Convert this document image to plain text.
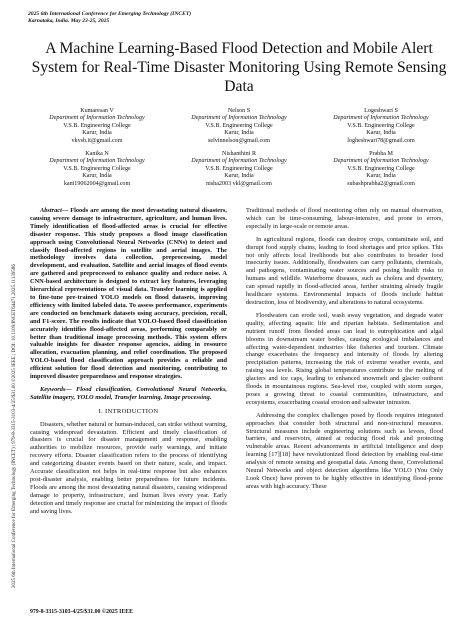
2025 6th International Conference for Emerging Technology (INCET)
Karnataka, India. May 23-25, 2025
2025 6th International Conference for Emerging Technology (INCET) | 979-8-3315-3103-4/25/$31.00 ©2025 IEEE | DOI: 10.1109/INCET64471.2025.11139586
A Machine Learning-Based Flood Detection and Mobile Alert System for Real-Time Disaster Monitoring Using Remote Sensing Data
Kumaresan V
Department of Information Technology
V.S.B. Engineering College
Karur, India
vkvsb.it@gmail.com
Nelson S
Department of Information Technology
V.S.B. Engineering College
Karur, India
selvinnelson@gmail.com
Logeshwari S
Department of Information Technology
V.S.B. Engineering College
Karur, India
logheshwari78@gmail.com
Kanika N
Department of Information Technology
V.S.B. Engineering College
Karur, India
kani19062004@gmail.com
Nishanthini R
Department of Information Technology
V.S.B. Engineering College
Karur, India
nisha2003 vkl@gmail.com
Prabha M
Department of Information Technology
V.S.B. Engineering College
Karur, India
subashprabha2@gmail.com

Abstract— Floods are among the most devastating natural disasters, causing severe damage to infrastructure, agriculture, and human lives. Timely identification of flood-affected areas is crucial for effective disaster response. This study proposes a flood image classification approach using Convolutional Neural Networks (CNNs) to detect and classify flood-affected regions in satellite and aerial images. The methodology involves data collection, preprocessing, model development, and evaluation. Satellite and aerial images of flood events are gathered and preprocessed to enhance quality and reduce noise. A CNN-based architecture is designed to extract key features, leveraging hierarchical representations of visual data. Transfer learning is applied to fine-tune pre-trained YOLO models on flood datasets, improving efficiency with limited labeled data. To assess performance, experiments are conducted on benchmark datasets using accuracy, precision, recall, and F1-score. The results indicate that YOLO-based flood classification accurately identifies flood-affected areas, performing comparably or better than traditional image processing methods. This system offers valuable insights for disaster response agencies, aiding in resource allocation, evacuation planning, and relief coordination. The proposed YOLO-based flood classification approach provides a reliable and efficient solution for flood detection and monitoring, contributing to improved disaster preparedness and response strategies.

Keywords— Flood classification, Convolutional Neural Networks, Satellite imagery, YOLO model, Transfer learning, Image processing.

I. INTRODUCTION

Disasters, whether natural or human-induced, can strike without warning, causing widespread devastation. Efficient and timely classification of disasters is crucial for disaster management and response, enabling authorities to mobilize resources, provide early warnings, and initiate recovery efforts. Disaster classification refers to the process of identifying and categorizing disaster events based on their nature, scale, and impact. Accurate classification not helps in real-time response but also enhances post-disaster analysis, enabling better preparedness for future incidents. Floods are among the most devastating natural disasters, causing widespread damage to property, infrastructure, and human lives every year. Early detection and timely response are crucial for minimizing the impact of floods and saving lives.

Traditional methods of flood monitoring often rely on manual observation, which can be time-consuming, labour-intensive, and prone to errors, especially in large-scale or remote areas.

In agricultural regions, floods can destroy crops, contaminate soil, and disrupt food supply chains, leading to food shortages and price spikes. This not only affects local livelihoods but also contributes to broader food insecurity issues. Additionally, floodwaters can carry pollutants, chemicals, and pathogens, contaminating water sources and posing health risks to humans and wildlife. Waterborne diseases, such as cholera and dysentery, can spread rapidly in flood-affected areas, further straining already fragile healthcare systems. Environmental impacts of floods include habitat destruction, loss of biodiversity, and alterations to natural ecosystems.

Floodwaters can erode soil, wash away vegetation, and degrade water quality, affecting aquatic life and riparian habitats. Sedimentation and nutrient runoff from flooded areas can lead to eutrophication and algal blooms in downstream water bodies, causing ecological imbalances and affecting water-dependent industries like fisheries and tourism. Climate change exacerbates the frequency and intensity of floods by altering precipitation patterns, increasing the risk of extreme weather events, and raising sea levels. Rising global temperatures contribute to the melting of glaciers and ice caps, leading to enhanced snowmelt and glacier outburst floods in mountainous regions. Sea-level rise, coupled with storm surges, poses a growing threat to coastal communities, infrastructure, and ecosystems, exacerbating coastal erosion and saltwater intrusion.

Addressing the complex challenges posed by floods requires integrated approaches that consider both structural and non-structural measures. Structural measures include engineering solutions such as levees, flood barriers, and reservoirs, aimed at reducing flood risk and protecting vulnerable areas. Recent advancements in artificial intelligence and deep learning [17][18] have revolutionized flood detection by enabling real-time analysis of remote sensing and geospatial data. Among these, Convolutional Neural Networks and object detection algorithms like YOLO (You Only Look Once) have proven to be highly effective in identifying flood-prone areas with high accuracy. These

979-8-3315-3103-4/25/$31.00 ©2025 IEEE
